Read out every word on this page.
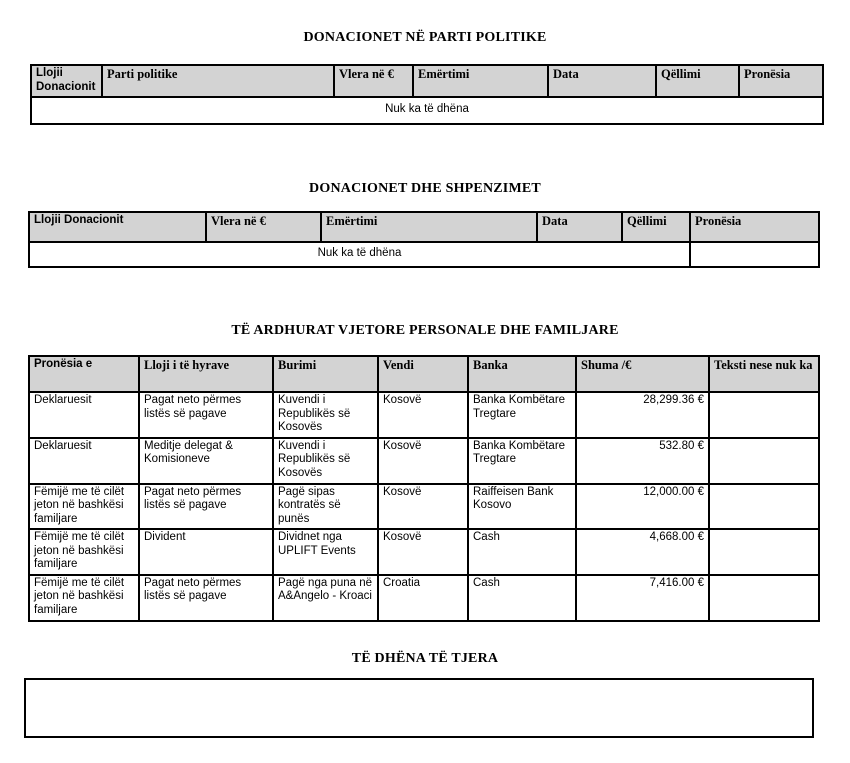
DONACIONET NË PARTI POLITIKE
Llojii Donacionit	Parti politike	Vlera në €	Emërtimi	Data	Qëllimi	Pronësia
Nuk ka të dhëna
DONACIONET DHE SHPENZIMET
Llojii Donacionit	Vlera në €	Emërtimi	Data	Qëllimi	Pronësia
Nuk ka të dhëna					
TË ARDHURAT VJETORE PERSONALE DHE FAMILJARE
Pronësia e	Lloji i të hyrave	Burimi	Vendi	Banka	Shuma /€	Teksti nese nuk ka
Deklaruesit	Pagat neto përmes listës së pagave	Kuvendi i Republikës së Kosovës	Kosovë	Banka Kombëtare Tregtare	28,299.36 €	
Deklaruesit	Meditje delegat & Komisioneve	Kuvendi i Republikës së Kosovës	Kosovë	Banka Kombëtare Tregtare	532.80 €	
Fëmijë me të cilët jeton në bashkësi familjare	Pagat neto përmes listës së pagave	Pagë sipas kontratës së punës	Kosovë	Raiffeisen Bank Kosovo	12,000.00 €	
Fëmijë me të cilët jeton në bashkësi familjare	Divident	Dividnet nga UPLIFT Events	Kosovë	Cash	4,668.00 €	
Fëmijë me të cilët jeton në bashkësi familjare	Pagat neto përmes listës së pagave	Pagë nga puna në A&Angelo - Kroaci	Croatia	Cash	7,416.00 €	
TË DHËNA TË TJERA
